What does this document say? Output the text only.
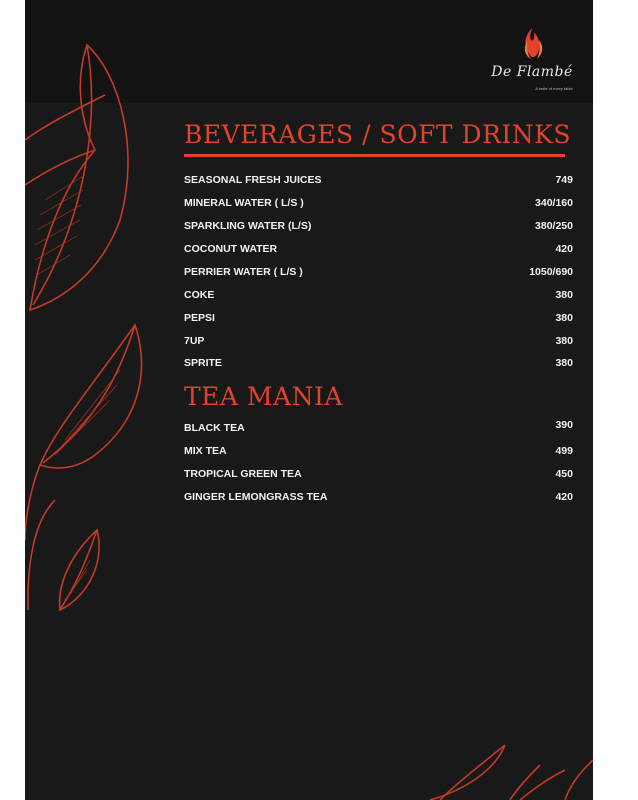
De Flambé
A taste of every table
BEVERAGES / SOFT DRINKS
SEASONAL FRESH JUICES	749
MINERAL WATER ( L/S )	340/160
SPARKLING WATER (L/S)	380/250
COCONUT WATER	420
PERRIER WATER ( L/S )	1050/690
COKE	380
PEPSI	380
7UP	380
SPRITE	380
TEA MANIA
BLACK TEA	390
MIX TEA	499
TROPICAL GREEN TEA	450
GINGER LEMONGRASS TEA	420
